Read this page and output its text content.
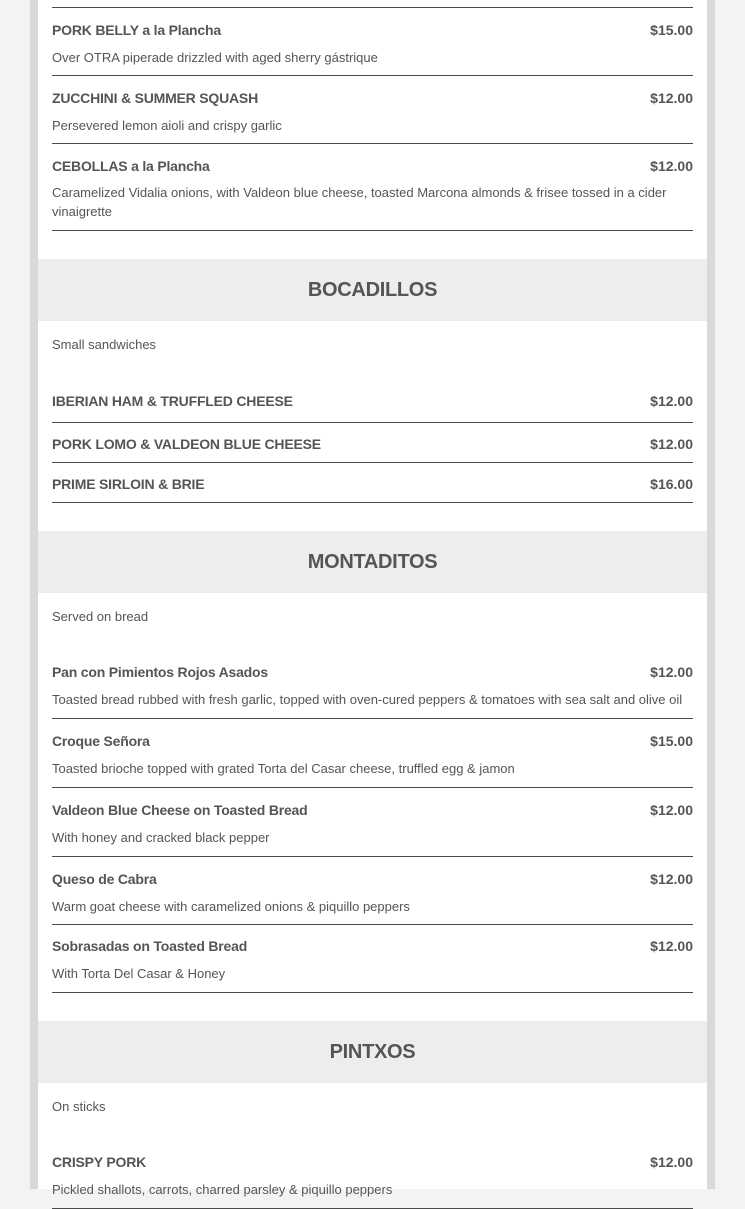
PORK BELLY a la Plancha	$15.00
Over OTRA piperade drizzled with aged sherry gástrique
ZUCCHINI & SUMMER SQUASH	$12.00
Persevered lemon aioli and crispy garlic
CEBOLLAS a la Plancha	$12.00
Caramelized Vidalia onions, with Valdeon blue cheese, toasted Marcona almonds & frisee tossed in a cider vinaigrette
BOCADILLOS
Small sandwiches
IBERIAN HAM & TRUFFLED CHEESE	$12.00
PORK LOMO & VALDEON BLUE CHEESE	$12.00
PRIME SIRLOIN & BRIE	$16.00
MONTADITOS
Served on bread
Pan con Pimientos Rojos Asados	$12.00
Toasted bread rubbed with fresh garlic, topped with oven-cured peppers & tomatoes with sea salt and olive oil
Croque Señora	$15.00
Toasted brioche topped with grated Torta del Casar cheese, truffled egg & jamon
Valdeon Blue Cheese on Toasted Bread	$12.00
With honey and cracked black pepper
Queso de Cabra	$12.00
Warm goat cheese with caramelized onions & piquillo peppers
Sobrasadas on Toasted Bread	$12.00
With Torta Del Casar & Honey
PINTXOS
On sticks
CRISPY PORK	$12.00
Pickled shallots, carrots, charred parsley & piquillo peppers
